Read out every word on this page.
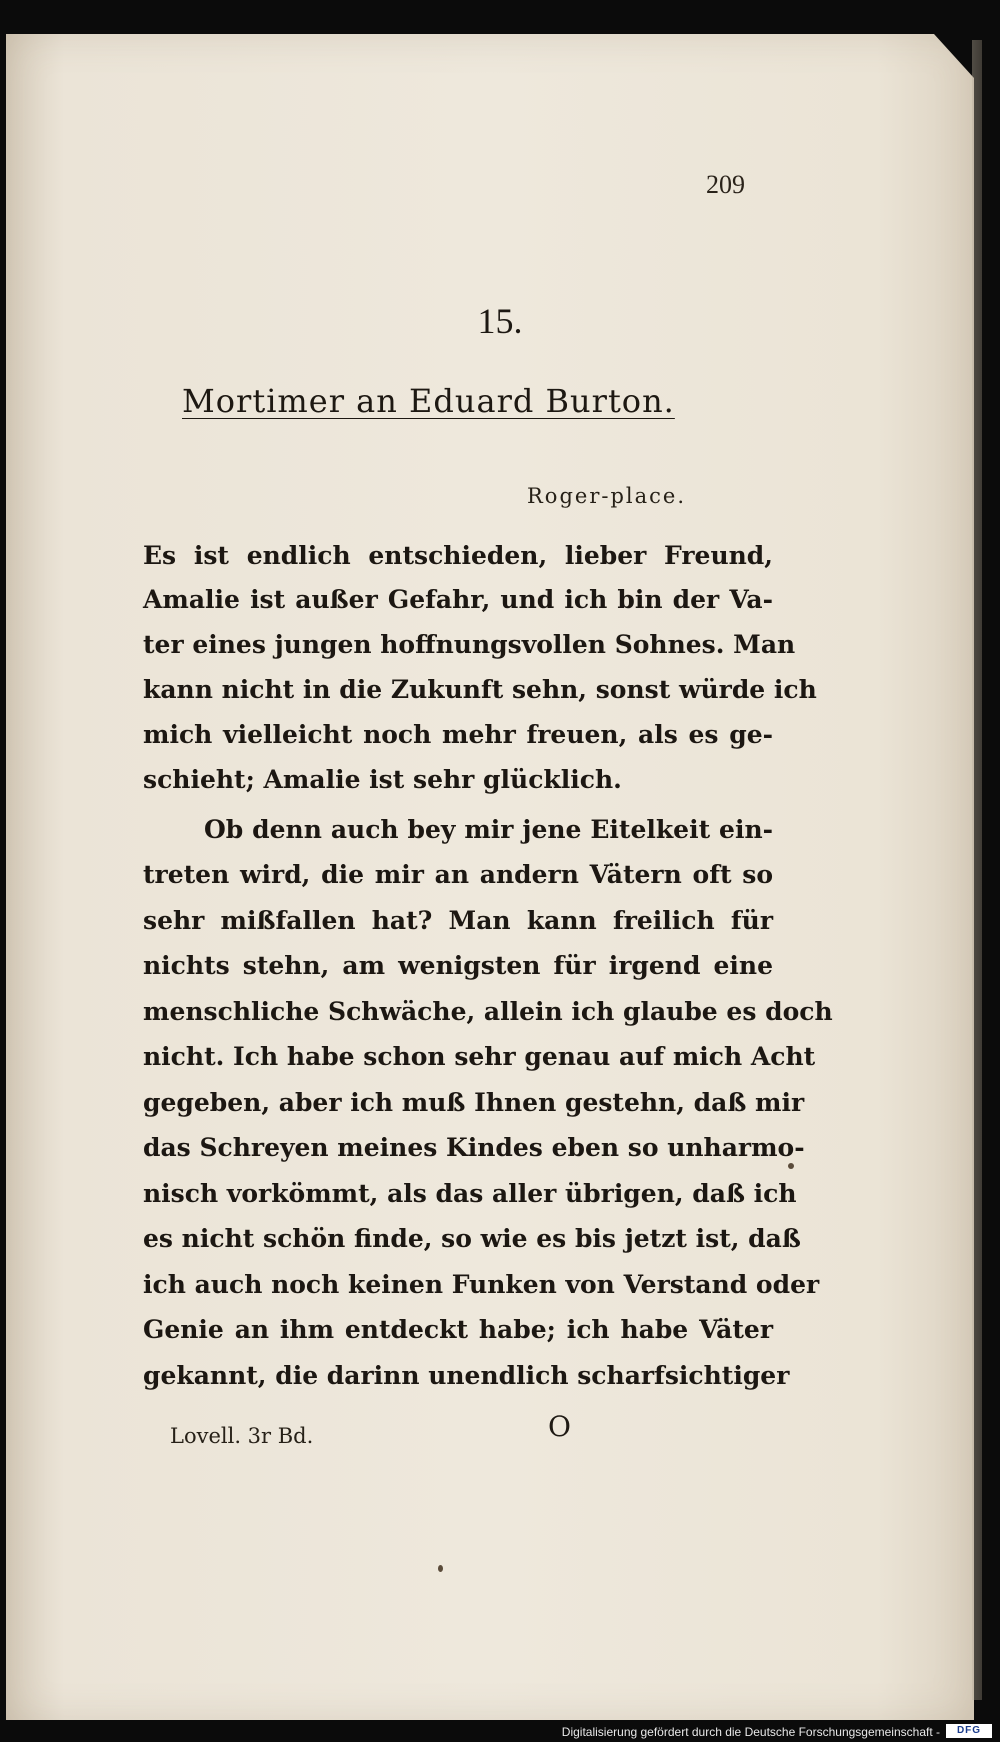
209
15.
Mortimer an Eduard Burton.
Roger-place.
Es ist endlich entschieden, lieber Freund,
Amalie ist außer Gefahr, und ich bin der Va-
ter eines jungen hoffnungsvollen Sohnes. Man
kann nicht in die Zukunft sehn, sonst würde ich
mich vielleicht noch mehr freuen, als es ge-
schieht; Amalie ist sehr glücklich.
Ob denn auch bey mir jene Eitelkeit ein-
treten wird, die mir an andern Vätern oft so
sehr mißfallen hat? Man kann freilich für
nichts stehn, am wenigsten für irgend eine
menschliche Schwäche, allein ich glaube es doch
nicht. Ich habe schon sehr genau auf mich Acht
gegeben, aber ich muß Ihnen gestehn, daß mir
das Schreyen meines Kindes eben so unharmo-
nisch vorkömmt, als das aller übrigen, daß ich
es nicht schön finde, so wie es bis jetzt ist, daß
ich auch noch keinen Funken von Verstand oder
Genie an ihm entdeckt habe; ich habe Väter
gekannt, die darinn unendlich scharfsichtiger
Lovell. 3r Bd.	O
Digitalisierung gefördert durch die Deutsche Forschungsgemeinschaft -	DFG
